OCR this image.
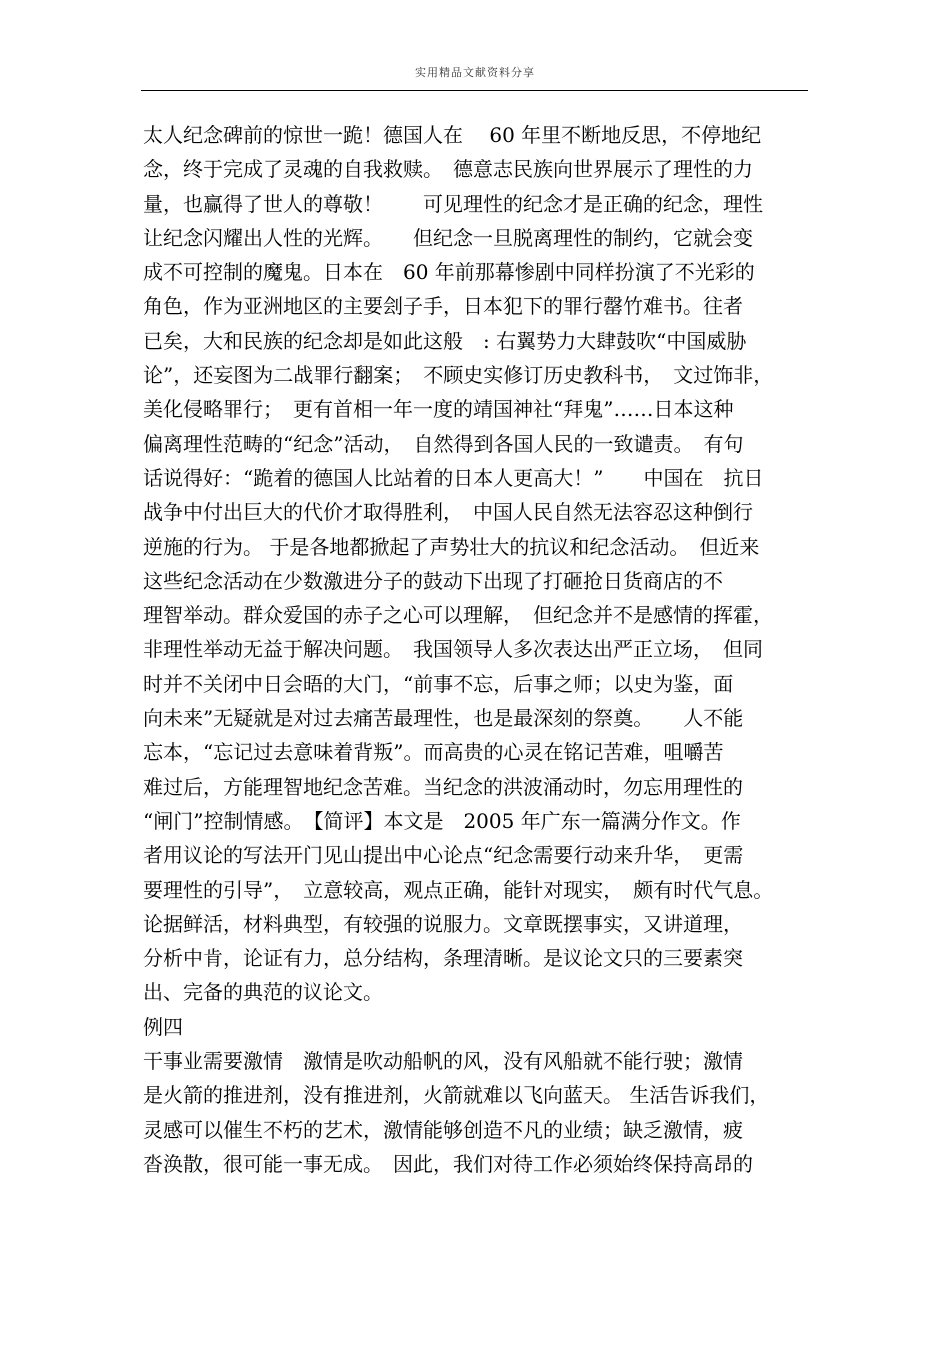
实用精品文献资料分享
太人纪念碑前的惊世一跪！德国人在　 60 年里不断地反思，不停地纪
念，终于完成了灵魂的自我救赎。　德意志民族向世界展示了理性的力
量，也赢得了世人的尊敬！　　可见理性的纪念才是正确的纪念，理性
让纪念闪耀出人性的光辉。　　但纪念一旦脱离理性的制约，它就会变
成不可控制的魔鬼。日本在　60 年前那幕惨剧中同样扮演了不光彩的
角色，作为亚洲地区的主要刽子手，日本犯下的罪行罄竹难书。往者
已矣，大和民族的纪念却是如此这般　: 右翼势力大肆鼓吹“中国威胁
论”，还妄图为二战罪行翻案；　不顾史实修订历史教科书，　文过饰非，
美化侵略罪行；　更有首相一年一度的靖国神社“拜鬼”……日本这种
偏离理性范畴的“纪念”活动，　自然得到各国人民的一致谴责。　有句
话说得好：“跪着的德国人比站着的日本人更高大！”　　中国在　抗日
战争中付出巨大的代价才取得胜利，　中国人民自然无法容忍这种倒行
逆施的行为。 于是各地都掀起了声势壮大的抗议和纪念活动。　但近来
这些纪念活动在少数激进分子的鼓动下出现了打砸抢日货商店的不
理智举动。群众爱国的赤子之心可以理解，　但纪念并不是感情的挥霍，
非理性举动无益于解决问题。　我国领导人多次表达出严正立场，　但同
时并不关闭中日会晤的大门，“前事不忘，后事之师；以史为鉴，面
向未来”无疑就是对过去痛苦最理性，也是最深刻的祭奠。　　人不能
忘本，“忘记过去意味着背叛”。而高贵的心灵在铭记苦难，咀嚼苦
难过后，方能理智地纪念苦难。当纪念的洪波涌动时，勿忘用理性的
“闸门”控制情感。　【简评】本文是　2005 年广东一篇满分作文。作
者用议论的写法开门见山提出中心论点“纪念需要行动来升华，　更需
要理性的引导”，　立意较高，观点正确，能针对现实，　颇有时代气息。
论据鲜活，材料典型，有较强的说服力。文章既摆事实，又讲道理，
分析中肯，论证有力，总分结构，条理清晰。是议论文只的三要素突
出、完备的典范的议论文。
例四
干事业需要激情　激情是吹动船帆的风，没有风船就不能行驶；激情
是火箭的推进剂，没有推进剂，火箭就难以飞向蓝天。 生活告诉我们，
灵感可以催生不朽的艺术，激情能够创造不凡的业绩；缺乏激情，疲
沓涣散，很可能一事无成。　因此，我们对待工作必须始终保持高昂的
